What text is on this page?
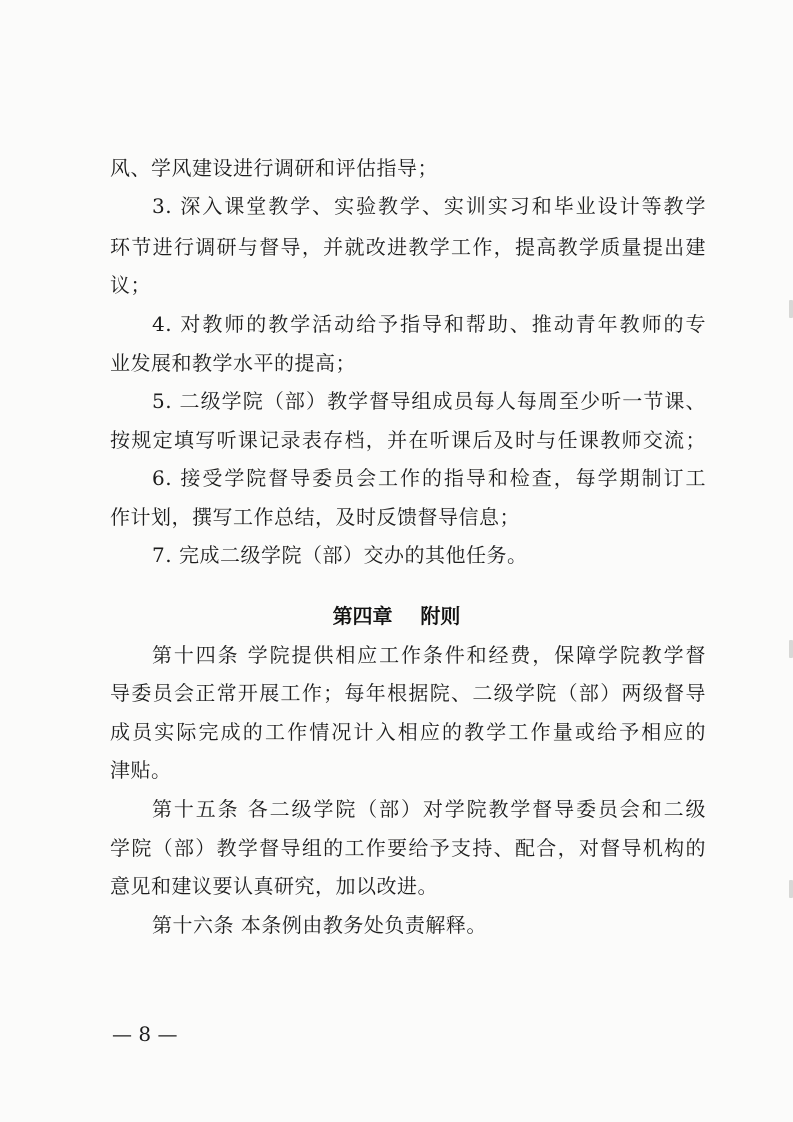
风、学风建设进行调研和评估指导；
3. 深入课堂教学、实验教学、实训实习和毕业设计等教学
环节进行调研与督导，并就改进教学工作，提高教学质量提出建
议；
4. 对教师的教学活动给予指导和帮助、推动青年教师的专
业发展和教学水平的提高；
5. 二级学院（部）教学督导组成员每人每周至少听一节课、
按规定填写听课记录表存档，并在听课后及时与任课教师交流；
6. 接受学院督导委员会工作的指导和检查，每学期制订工
作计划，撰写工作总结，及时反馈督导信息；
7. 完成二级学院（部）交办的其他任务。
第四章    附则
第十四条 学院提供相应工作条件和经费，保障学院教学督
导委员会正常开展工作；每年根据院、二级学院（部）两级督导
成员实际完成的工作情况计入相应的教学工作量或给予相应的
津贴。
第十五条 各二级学院（部）对学院教学督导委员会和二级
学院（部）教学督导组的工作要给予支持、配合，对督导机构的
意见和建议要认真研究，加以改进。
第十六条 本条例由教务处负责解释。
— 8 —
